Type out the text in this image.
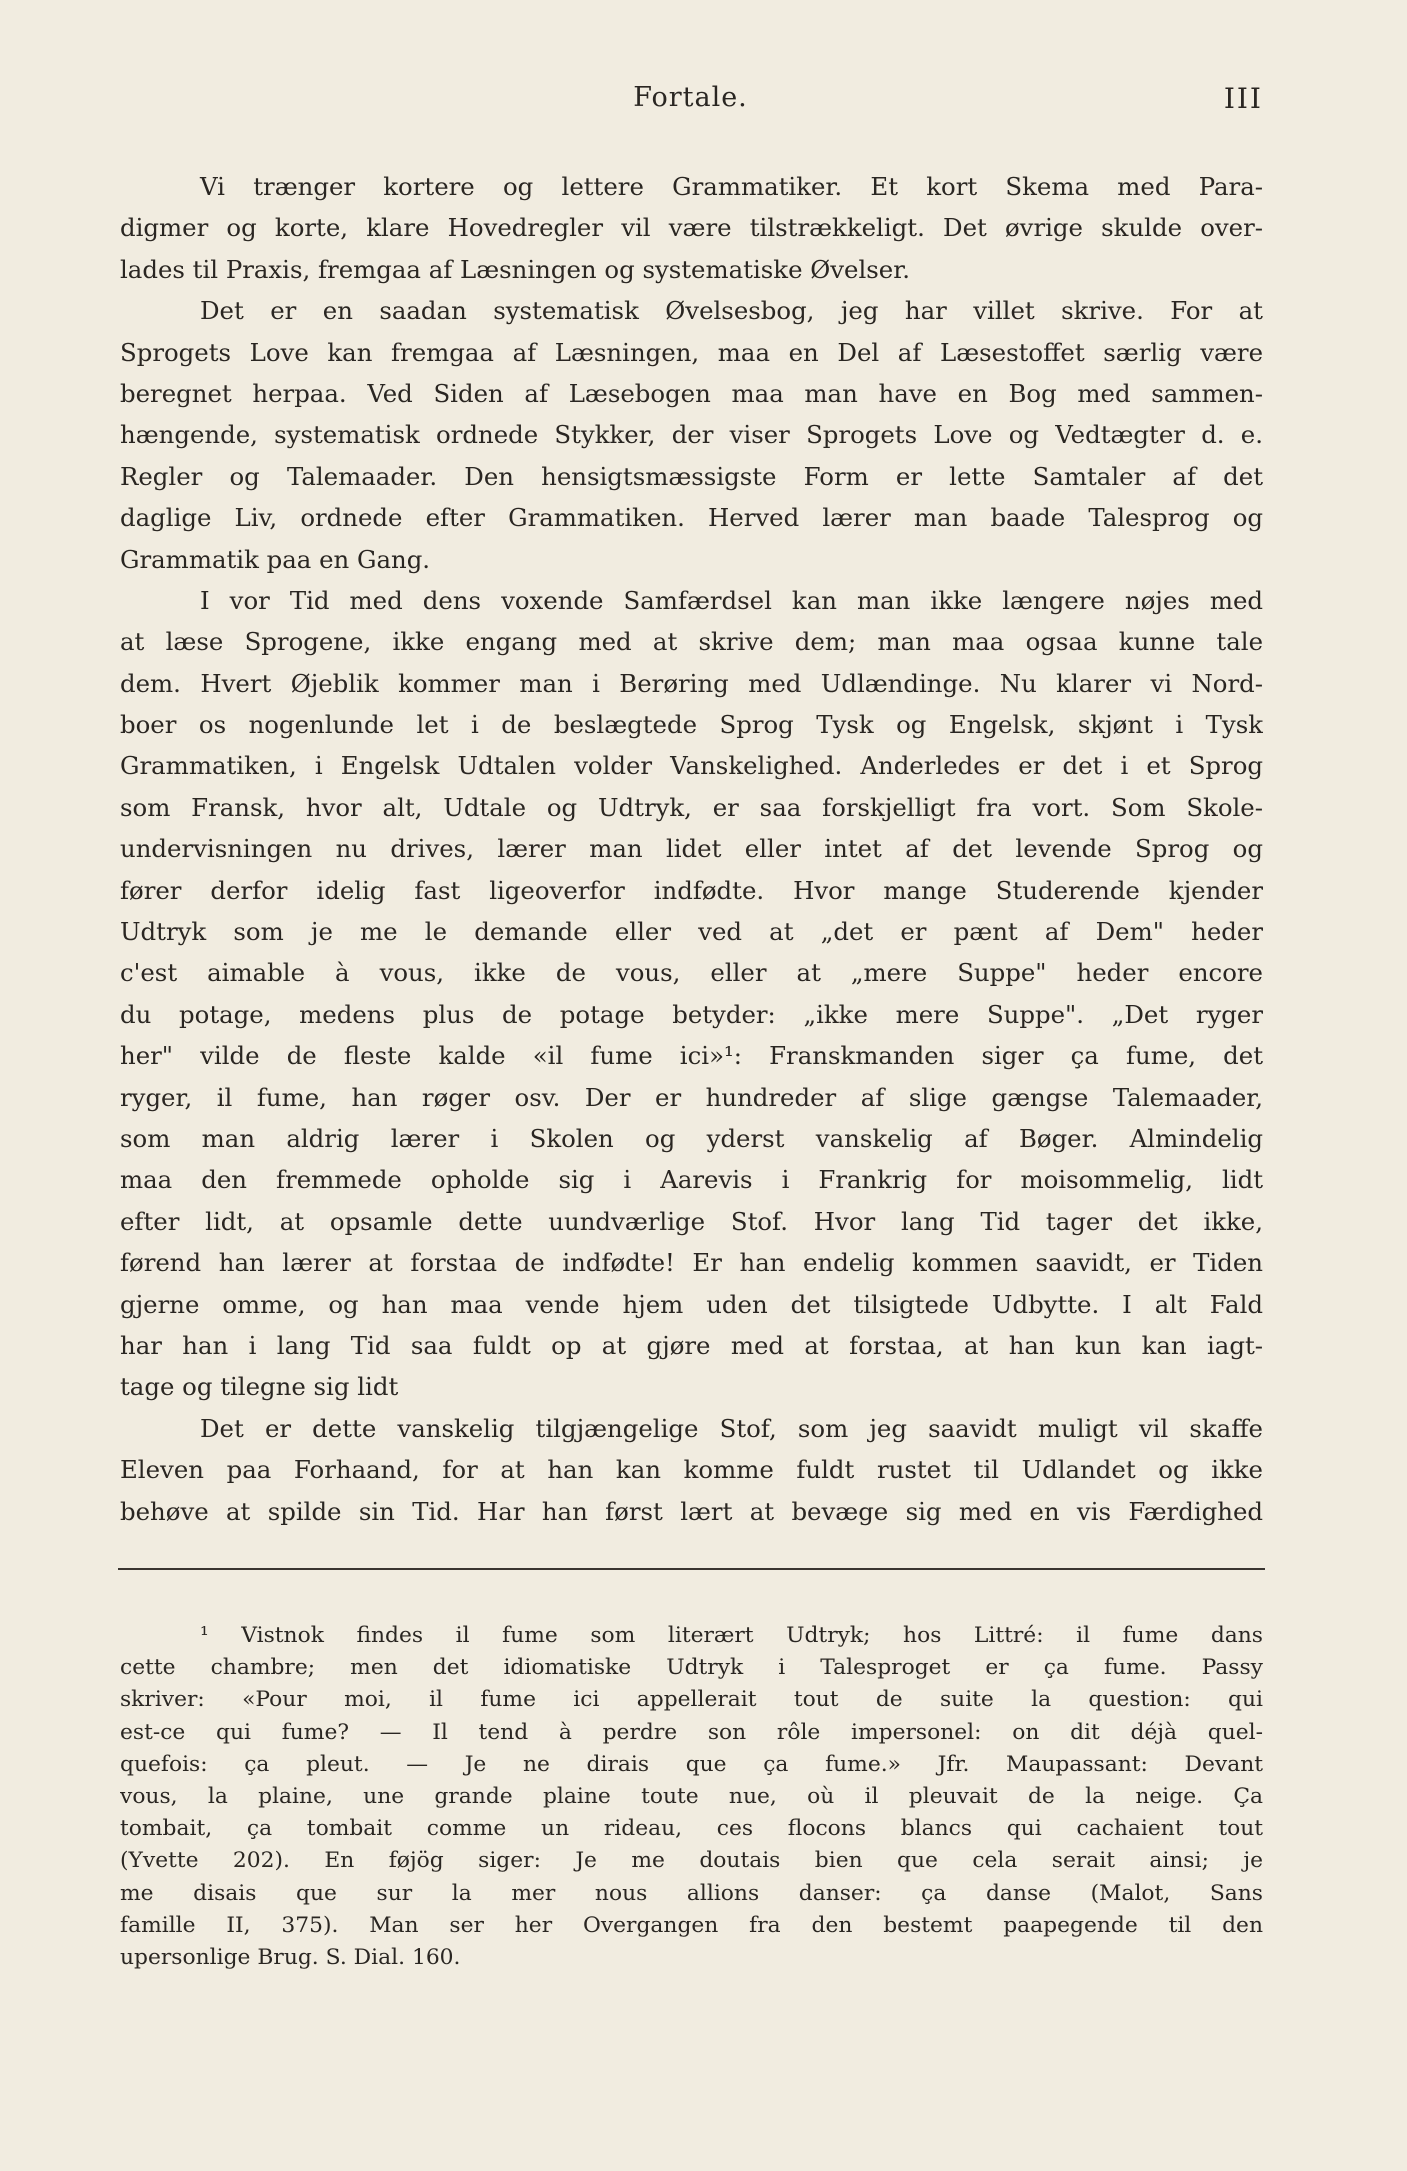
Fortale.	III
Vi trænger kortere og lettere Grammatiker. Et kort Skema med Para-
digmer og korte, klare Hovedregler vil være tilstrækkeligt. Det øvrige skulde over-
lades til Praxis, fremgaa af Læsningen og systematiske Øvelser.
Det er en saadan systematisk Øvelsesbog, jeg har villet skrive. For at
Sprogets Love kan fremgaa af Læsningen, maa en Del af Læsestoffet særlig være
beregnet herpaa. Ved Siden af Læsebogen maa man have en Bog med sammen-
hængende, systematisk ordnede Stykker, der viser Sprogets Love og Vedtægter d. e.
Regler og Talemaader. Den hensigtsmæssigste Form er lette Samtaler af det
daglige Liv, ordnede efter Grammatiken. Herved lærer man baade Talesprog og
Grammatik paa en Gang.
I vor Tid med dens voxende Samfærdsel kan man ikke længere nøjes med
at læse Sprogene, ikke engang med at skrive dem; man maa ogsaa kunne tale
dem. Hvert Øjeblik kommer man i Berøring med Udlændinge. Nu klarer vi Nord-
boer os nogenlunde let i de beslægtede Sprog Tysk og Engelsk, skjønt i Tysk
Grammatiken, i Engelsk Udtalen volder Vanskelighed. Anderledes er det i et Sprog
som Fransk, hvor alt, Udtale og Udtryk, er saa forskjelligt fra vort. Som Skole-
undervisningen nu drives, lærer man lidet eller intet af det levende Sprog og
fører derfor idelig fast ligeoverfor indfødte. Hvor mange Studerende kjender
Udtryk som je me le demande eller ved at „det er pænt af Dem" heder
c'est aimable à vous, ikke de vous, eller at „mere Suppe" heder encore
du potage, medens plus de potage betyder: „ikke mere Suppe". „Det ryger
her" vilde de fleste kalde «il fume ici»¹: Franskmanden siger ça fume, det
ryger, il fume, han røger osv. Der er hundreder af slige gængse Talemaader,
som man aldrig lærer i Skolen og yderst vanskelig af Bøger. Almindelig
maa den fremmede opholde sig i Aarevis i Frankrig for moisommelig, lidt
efter lidt, at opsamle dette uundværlige Stof. Hvor lang Tid tager det ikke,
førend han lærer at forstaa de indfødte! Er han endelig kommen saavidt, er Tiden
gjerne omme, og han maa vende hjem uden det tilsigtede Udbytte. I alt Fald
har han i lang Tid saa fuldt op at gjøre med at forstaa, at han kun kan iagt-
tage og tilegne sig lidt
Det er dette vanskelig tilgjængelige Stof, som jeg saavidt muligt vil skaffe
Eleven paa Forhaand, for at han kan komme fuldt rustet til Udlandet og ikke
behøve at spilde sin Tid. Har han først lært at bevæge sig med en vis Færdighed
¹ Vistnok findes il fume som literært Udtryk; hos Littré: il fume dans
cette chambre; men det idiomatiske Udtryk i Talesproget er ça fume. Passy
skriver: «Pour moi, il fume ici appellerait tout de suite la question: qui
est-ce qui fume? — Il tend à perdre son rôle impersonel: on dit déjà quel-
quefois: ça pleut. — Je ne dirais que ça fume.» Jfr. Maupassant: Devant
vous, la plaine, une grande plaine toute nue, où il pleuvait de la neige. Ça
tombait, ça tombait comme un rideau, ces flocons blancs qui cachaient tout
(Yvette 202). En føjög siger: Je me doutais bien que cela serait ainsi; je
me disais que sur la mer nous allions danser: ça danse (Malot, Sans
famille II, 375). Man ser her Overgangen fra den bestemt paapegende til den
upersonlige Brug. S. Dial. 160.
